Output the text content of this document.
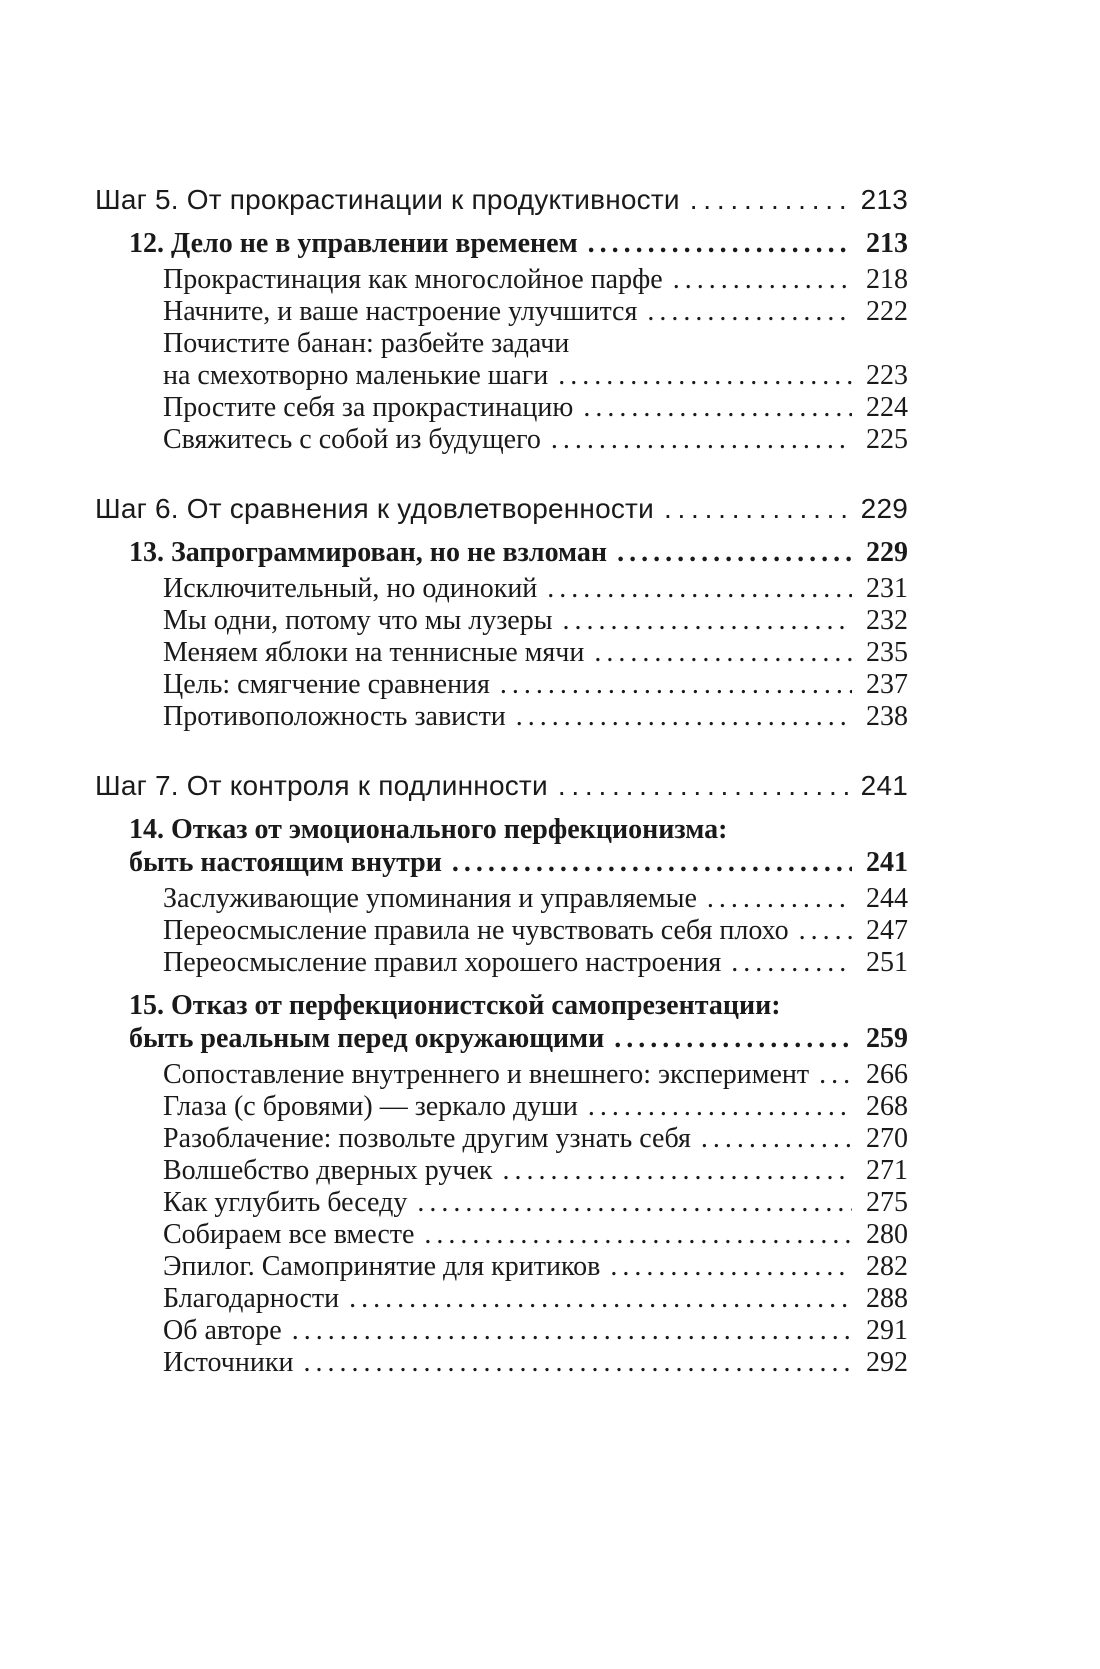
Шаг 5. От прокрастинации к продуктивности . . .	213
12. Дело не в управлении временем . . .	213
Прокрастинация как многослойное парфе . . .	218
Начните, и ваше настроение улучшится . . .	222
Почистите банан: разбейте задачи
на смехотворно маленькие шаги . . .	223
Простите себя за прокрастинацию . . .	224
Свяжитесь с собой из будущего . . .	225
Шаг 6. От сравнения к удовлетворенности . . .	229
13. Запрограммирован, но не взломан . . .	229
Исключительный, но одинокий . . .	231
Мы одни, потому что мы лузеры . . .	232
Меняем яблоки на теннисные мячи . . .	235
Цель: смягчение сравнения . . .	237
Противоположность зависти . . .	238
Шаг 7. От контроля к подлинности . . .	241
14. Отказ от эмоционального перфекционизма:
быть настоящим внутри . . .	241
Заслуживающие упоминания и управляемые . . .	244
Переосмысление правила не чувствовать себя плохо . . .	247
Переосмысление правил хорошего настроения . . .	251
15. Отказ от перфекционистской самопрезентации:
быть реальным перед окружающими . . .	259
Сопоставление внутреннего и внешнего: эксперимент . . . 266
Глаза (с бровями) — зеркало души . . .	268
Разоблачение: позвольте другим узнать себя . . .	270
Волшебство дверных ручек . . .	271
Как углубить беседу . . .	275
Собираем все вместе . . .	280
Эпилог. Самопринятие для критиков . . .	282
Благодарности . . .	288
Об авторе . . .	291
Источники . . .	292
